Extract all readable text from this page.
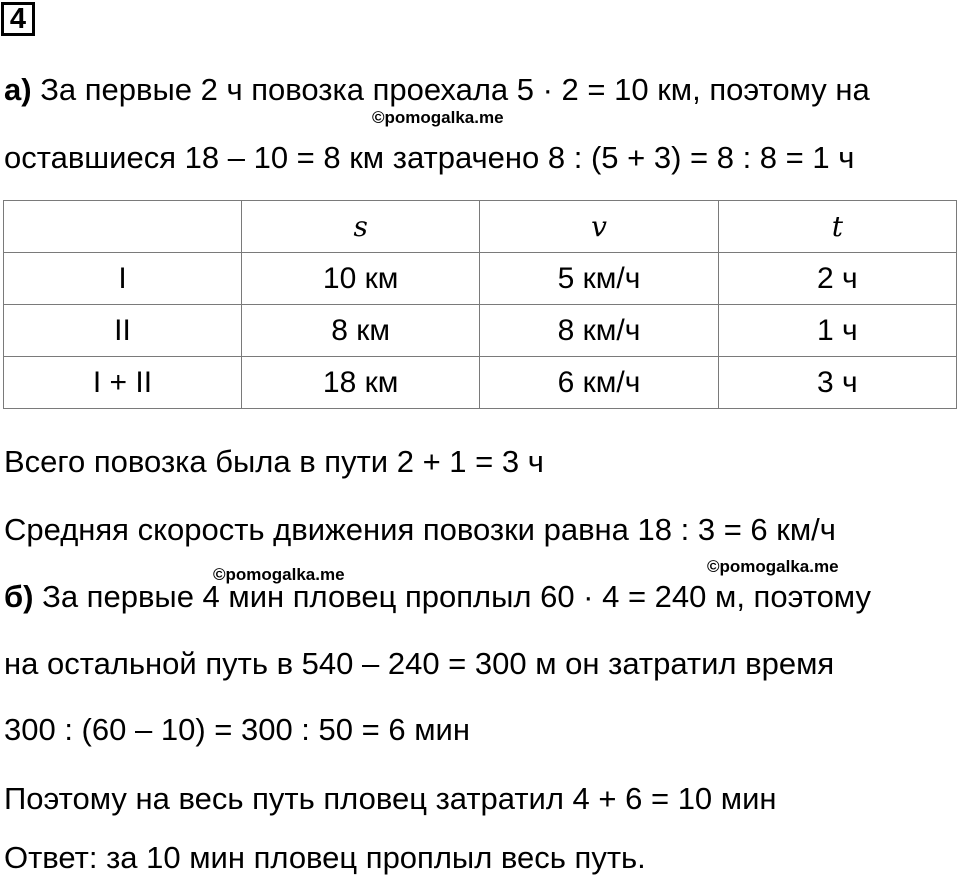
4
а) За первые 2 ч повозка проехала 5 · 2 = 10 км, поэтому на
©pomogalka.me
оставшиеся 18 – 10 = 8 км затрачено 8 : (5 + 3) = 8 : 8 = 1 ч
	s	v	t
I	10 км	5 км/ч	2 ч
II	8 км	8 км/ч	1 ч
I + II	18 км	6 км/ч	3 ч
Всего повозка была в пути 2 + 1 = 3 ч
Средняя скорость движения повозки равна 18 : 3 = 6 км/ч
©pomogalka.me
©pomogalka.me
б) За первые 4 мин пловец проплыл 60 · 4 = 240 м, поэтому
на остальной путь в 540 – 240 = 300 м он затратил время
300 : (60 – 10) = 300 : 50 = 6 мин
Поэтому на весь путь пловец затратил 4 + 6 = 10 мин
Ответ: за 10 мин пловец проплыл весь путь.
